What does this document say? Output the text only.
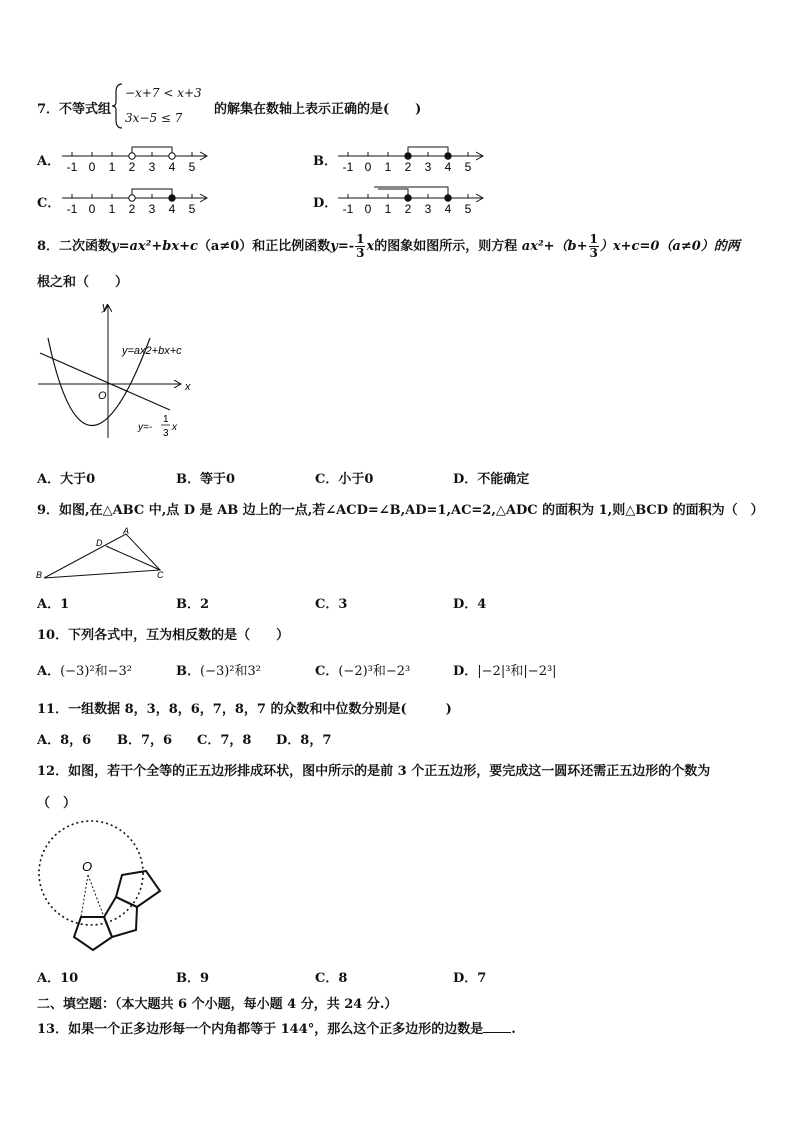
7．不等式组
−x+7 < x+3
3x−5 ≤ 7
的解集在数轴上表示正确的是(　　)
A． -1 0 1 2 3 4 5	B． -1 0 1 2 3 4 5
C． -1 0 1 2 3 4 5	D． -1 0 1 2 3 4 5
8．二次函数y=ax²+bx+c（a≠0）和正比例函数$y=- \frac{1}{3}$ x的图象如图所示，则方程 $ax^2+(b+ \frac{1}{3} )x+c=0(a\ne 0)$的两
根之和（　　）
y
x
O
y=ax2+bx+c
y=-
1
3
x
A．大于0	B．等于0	C．小于0	D．不能确定
9．如图,在△ABC 中,点 D 是 AB 边上的一点,若∠ACD=∠B,AD=1,AC=2,△ADC 的面积为 1,则△BCD 的面积为（　）
A
B	C
D
A．1	B．2	C．3	D．4
10．下列各式中，互为相反数的是（　　）
A．(−3)²和−3²	B．(−3)²和3²	C．(−2)³和−2³	D．|−2|³和|−2³|
11．一组数据 8，3，8，6，7，8，7 的众数和中位数分别是(　　　)
A．8，6 B．7，6 C．7，8 D．8，7
12．如图，若干个全等的正五边形排成环状，图中所示的是前 3 个正五边形，要完成这一圆环还需正五边形的个数为
（　）
O
A．10	B．9	C．8	D．7
二、填空题：（本大题共 6 个小题，每小题 4 分，共 24 分.）
13．如果一个正多边形每一个内角都等于 144°，那么这个正多边形的边数是 .
